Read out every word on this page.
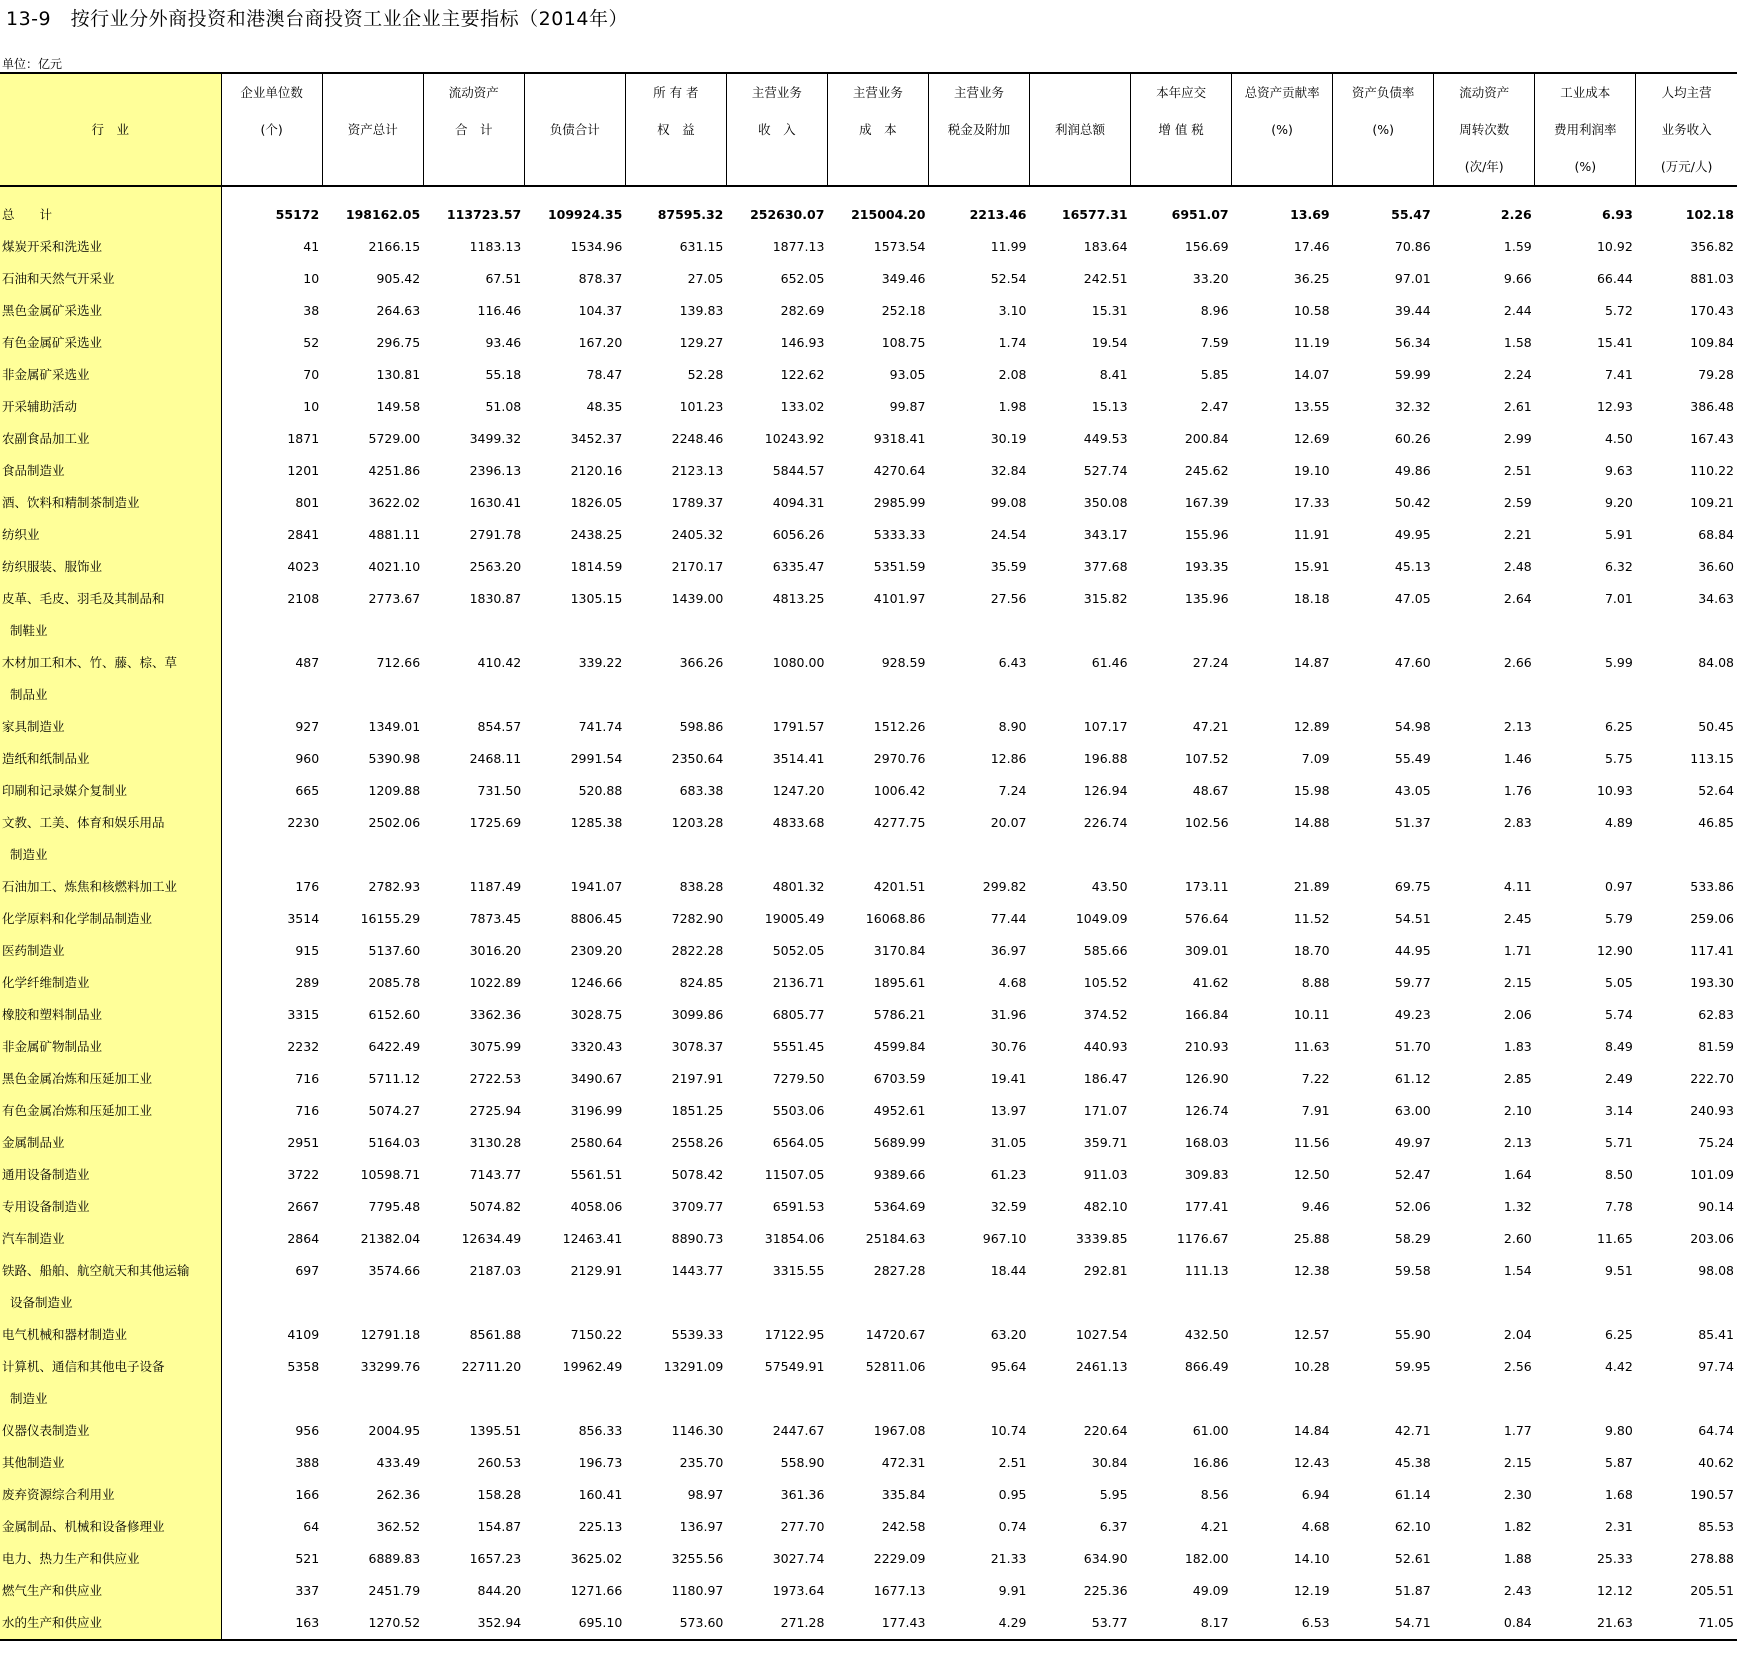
13-9　按行业分外商投资和港澳台商投资工业企业主要指标（2014年）
单位：亿元
行　业	企业单位数		流动资产		所 有 者	主营业务	主营业务	主营业务		本年应交	总资产贡献率	资产负债率	流动资产	工业成本	人均主营
	(个)	资产总计	合　计	负债合计	权　益	收　入	成　本	税金及附加	利润总额	增 值 税	(%)	(%)	周转次数	费用利润率	业务收入
													(次/年)	(%)	(万元/人)
总　　计	55172	198162.05	113723.57	109924.35	87595.32	252630.07	215004.20	2213.46	16577.31	6951.07	13.69	55.47	2.26	6.93	102.18
煤炭开采和洗选业	41	2166.15	1183.13	1534.96	631.15	1877.13	1573.54	11.99	183.64	156.69	17.46	70.86	1.59	10.92	356.82
石油和天然气开采业	10	905.42	67.51	878.37	27.05	652.05	349.46	52.54	242.51	33.20	36.25	97.01	9.66	66.44	881.03
黑色金属矿采选业	38	264.63	116.46	104.37	139.83	282.69	252.18	3.10	15.31	8.96	10.58	39.44	2.44	5.72	170.43
有色金属矿采选业	52	296.75	93.46	167.20	129.27	146.93	108.75	1.74	19.54	7.59	11.19	56.34	1.58	15.41	109.84
非金属矿采选业	70	130.81	55.18	78.47	52.28	122.62	93.05	2.08	8.41	5.85	14.07	59.99	2.24	7.41	79.28
开采辅助活动	10	149.58	51.08	48.35	101.23	133.02	99.87	1.98	15.13	2.47	13.55	32.32	2.61	12.93	386.48
农副食品加工业	1871	5729.00	3499.32	3452.37	2248.46	10243.92	9318.41	30.19	449.53	200.84	12.69	60.26	2.99	4.50	167.43
食品制造业	1201	4251.86	2396.13	2120.16	2123.13	5844.57	4270.64	32.84	527.74	245.62	19.10	49.86	2.51	9.63	110.22
酒、饮料和精制茶制造业	801	3622.02	1630.41	1826.05	1789.37	4094.31	2985.99	99.08	350.08	167.39	17.33	50.42	2.59	9.20	109.21
纺织业	2841	4881.11	2791.78	2438.25	2405.32	6056.26	5333.33	24.54	343.17	155.96	11.91	49.95	2.21	5.91	68.84
纺织服装、服饰业	4023	4021.10	2563.20	1814.59	2170.17	6335.47	5351.59	35.59	377.68	193.35	15.91	45.13	2.48	6.32	36.60
皮革、毛皮、羽毛及其制品和	2108	2773.67	1830.87	1305.15	1439.00	4813.25	4101.97	27.56	315.82	135.96	18.18	47.05	2.64	7.01	34.63
制鞋业															
木材加工和木、竹、藤、棕、草	487	712.66	410.42	339.22	366.26	1080.00	928.59	6.43	61.46	27.24	14.87	47.60	2.66	5.99	84.08
制品业															
家具制造业	927	1349.01	854.57	741.74	598.86	1791.57	1512.26	8.90	107.17	47.21	12.89	54.98	2.13	6.25	50.45
造纸和纸制品业	960	5390.98	2468.11	2991.54	2350.64	3514.41	2970.76	12.86	196.88	107.52	7.09	55.49	1.46	5.75	113.15
印刷和记录媒介复制业	665	1209.88	731.50	520.88	683.38	1247.20	1006.42	7.24	126.94	48.67	15.98	43.05	1.76	10.93	52.64
文教、工美、体育和娱乐用品	2230	2502.06	1725.69	1285.38	1203.28	4833.68	4277.75	20.07	226.74	102.56	14.88	51.37	2.83	4.89	46.85
制造业															
石油加工、炼焦和核燃料加工业	176	2782.93	1187.49	1941.07	838.28	4801.32	4201.51	299.82	43.50	173.11	21.89	69.75	4.11	0.97	533.86
化学原料和化学制品制造业	3514	16155.29	7873.45	8806.45	7282.90	19005.49	16068.86	77.44	1049.09	576.64	11.52	54.51	2.45	5.79	259.06
医药制造业	915	5137.60	3016.20	2309.20	2822.28	5052.05	3170.84	36.97	585.66	309.01	18.70	44.95	1.71	12.90	117.41
化学纤维制造业	289	2085.78	1022.89	1246.66	824.85	2136.71	1895.61	4.68	105.52	41.62	8.88	59.77	2.15	5.05	193.30
橡胶和塑料制品业	3315	6152.60	3362.36	3028.75	3099.86	6805.77	5786.21	31.96	374.52	166.84	10.11	49.23	2.06	5.74	62.83
非金属矿物制品业	2232	6422.49	3075.99	3320.43	3078.37	5551.45	4599.84	30.76	440.93	210.93	11.63	51.70	1.83	8.49	81.59
黑色金属冶炼和压延加工业	716	5711.12	2722.53	3490.67	2197.91	7279.50	6703.59	19.41	186.47	126.90	7.22	61.12	2.85	2.49	222.70
有色金属冶炼和压延加工业	716	5074.27	2725.94	3196.99	1851.25	5503.06	4952.61	13.97	171.07	126.74	7.91	63.00	2.10	3.14	240.93
金属制品业	2951	5164.03	3130.28	2580.64	2558.26	6564.05	5689.99	31.05	359.71	168.03	11.56	49.97	2.13	5.71	75.24
通用设备制造业	3722	10598.71	7143.77	5561.51	5078.42	11507.05	9389.66	61.23	911.03	309.83	12.50	52.47	1.64	8.50	101.09
专用设备制造业	2667	7795.48	5074.82	4058.06	3709.77	6591.53	5364.69	32.59	482.10	177.41	9.46	52.06	1.32	7.78	90.14
汽车制造业	2864	21382.04	12634.49	12463.41	8890.73	31854.06	25184.63	967.10	3339.85	1176.67	25.88	58.29	2.60	11.65	203.06
铁路、船舶、航空航天和其他运输	697	3574.66	2187.03	2129.91	1443.77	3315.55	2827.28	18.44	292.81	111.13	12.38	59.58	1.54	9.51	98.08
设备制造业															
电气机械和器材制造业	4109	12791.18	8561.88	7150.22	5539.33	17122.95	14720.67	63.20	1027.54	432.50	12.57	55.90	2.04	6.25	85.41
计算机、通信和其他电子设备	5358	33299.76	22711.20	19962.49	13291.09	57549.91	52811.06	95.64	2461.13	866.49	10.28	59.95	2.56	4.42	97.74
制造业															
仪器仪表制造业	956	2004.95	1395.51	856.33	1146.30	2447.67	1967.08	10.74	220.64	61.00	14.84	42.71	1.77	9.80	64.74
其他制造业	388	433.49	260.53	196.73	235.70	558.90	472.31	2.51	30.84	16.86	12.43	45.38	2.15	5.87	40.62
废弃资源综合利用业	166	262.36	158.28	160.41	98.97	361.36	335.84	0.95	5.95	8.56	6.94	61.14	2.30	1.68	190.57
金属制品、机械和设备修理业	64	362.52	154.87	225.13	136.97	277.70	242.58	0.74	6.37	4.21	4.68	62.10	1.82	2.31	85.53
电力、热力生产和供应业	521	6889.83	1657.23	3625.02	3255.56	3027.74	2229.09	21.33	634.90	182.00	14.10	52.61	1.88	25.33	278.88
燃气生产和供应业	337	2451.79	844.20	1271.66	1180.97	1973.64	1677.13	9.91	225.36	49.09	12.19	51.87	2.43	12.12	205.51
水的生产和供应业	163	1270.52	352.94	695.10	573.60	271.28	177.43	4.29	53.77	8.17	6.53	54.71	0.84	21.63	71.05
